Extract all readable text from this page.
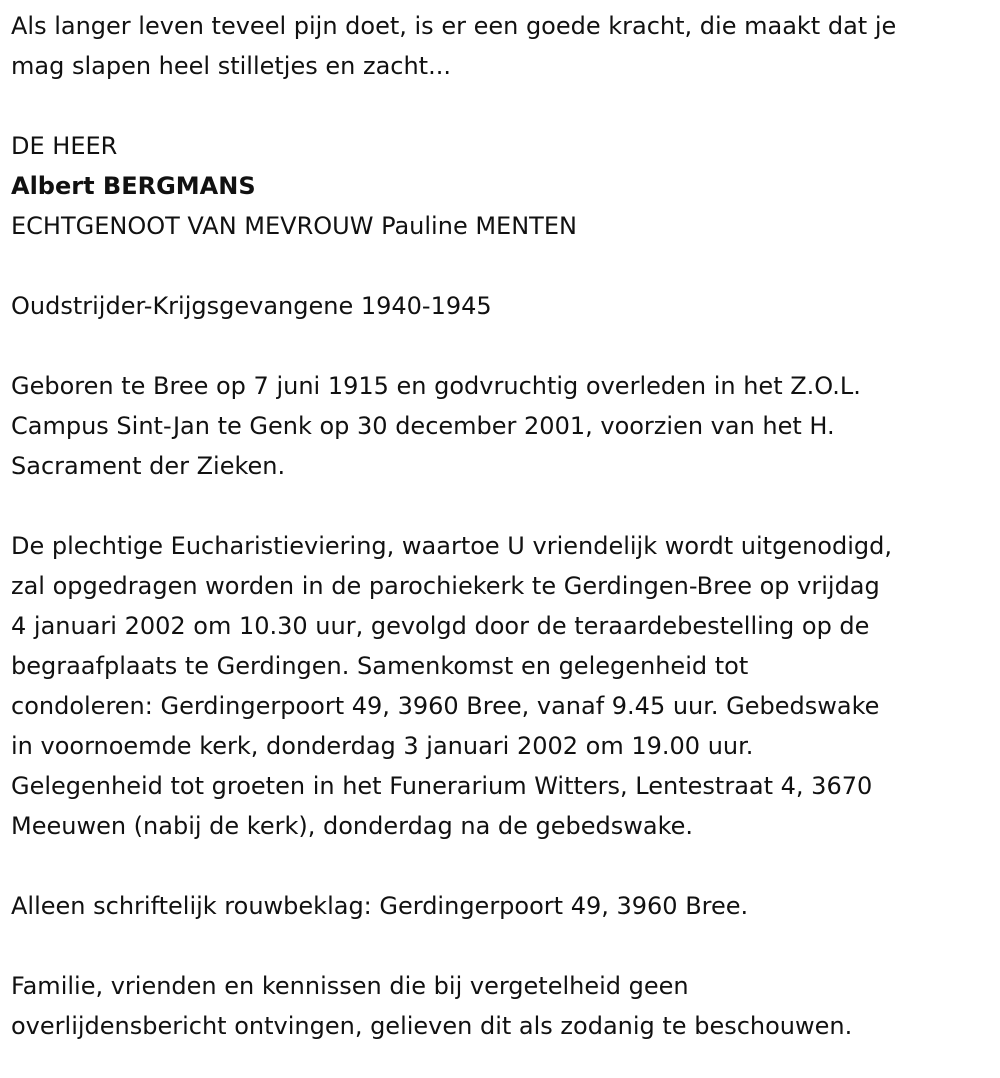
Als langer leven teveel pijn doet, is er een goede kracht, die maakt dat je
mag slapen heel stilletjes en zacht...
DE HEER
Albert BERGMANS
ECHTGENOOT VAN MEVROUW Pauline MENTEN
Oudstrijder-Krijgsgevangene 1940-1945
Geboren te Bree op 7 juni 1915 en godvruchtig overleden in het Z.O.L.
Campus Sint-Jan te Genk op 30 december 2001, voorzien van het H.
Sacrament der Zieken.
De plechtige Eucharistieviering, waartoe U vriendelijk wordt uitgenodigd,
zal opgedragen worden in de parochiekerk te Gerdingen-Bree op vrijdag
4 januari 2002 om 10.30 uur, gevolgd door de teraardebestelling op de
begraafplaats te Gerdingen. Samenkomst en gelegenheid tot
condoleren: Gerdingerpoort 49, 3960 Bree, vanaf 9.45 uur. Gebedswake
in voornoemde kerk, donderdag 3 januari 2002 om 19.00 uur.
Gelegenheid tot groeten in het Funerarium Witters, Lentestraat 4, 3670
Meeuwen (nabij de kerk), donderdag na de gebedswake.
Alleen schriftelijk rouwbeklag: Gerdingerpoort 49, 3960 Bree.
Familie, vrienden en kennissen die bij vergetelheid geen
overlijdensbericht ontvingen, gelieven dit als zodanig te beschouwen.
